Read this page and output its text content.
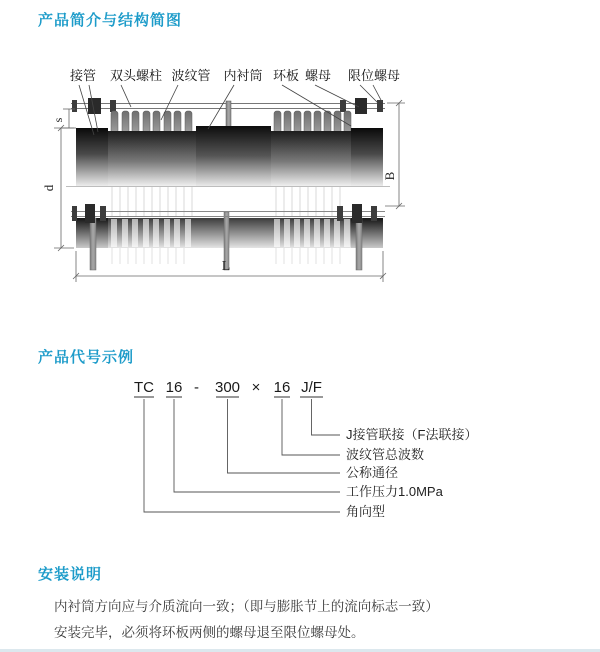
产品简介与结构简图
s
d
B
L
接管 双头螺柱 波纹管 内衬筒 环板 螺母 限位螺母
产品代号示例
TC 16 - 300 × 16 J/F
J接管联接（F法联接）
波纹管总波数
公称通径
工作压力1.0MPa
角向型
安装说明

内衬筒方向应与介质流向一致；（即与膨胀节上的流向标志一致）

安装完毕，必须将环板两侧的螺母退至限位螺母处。
